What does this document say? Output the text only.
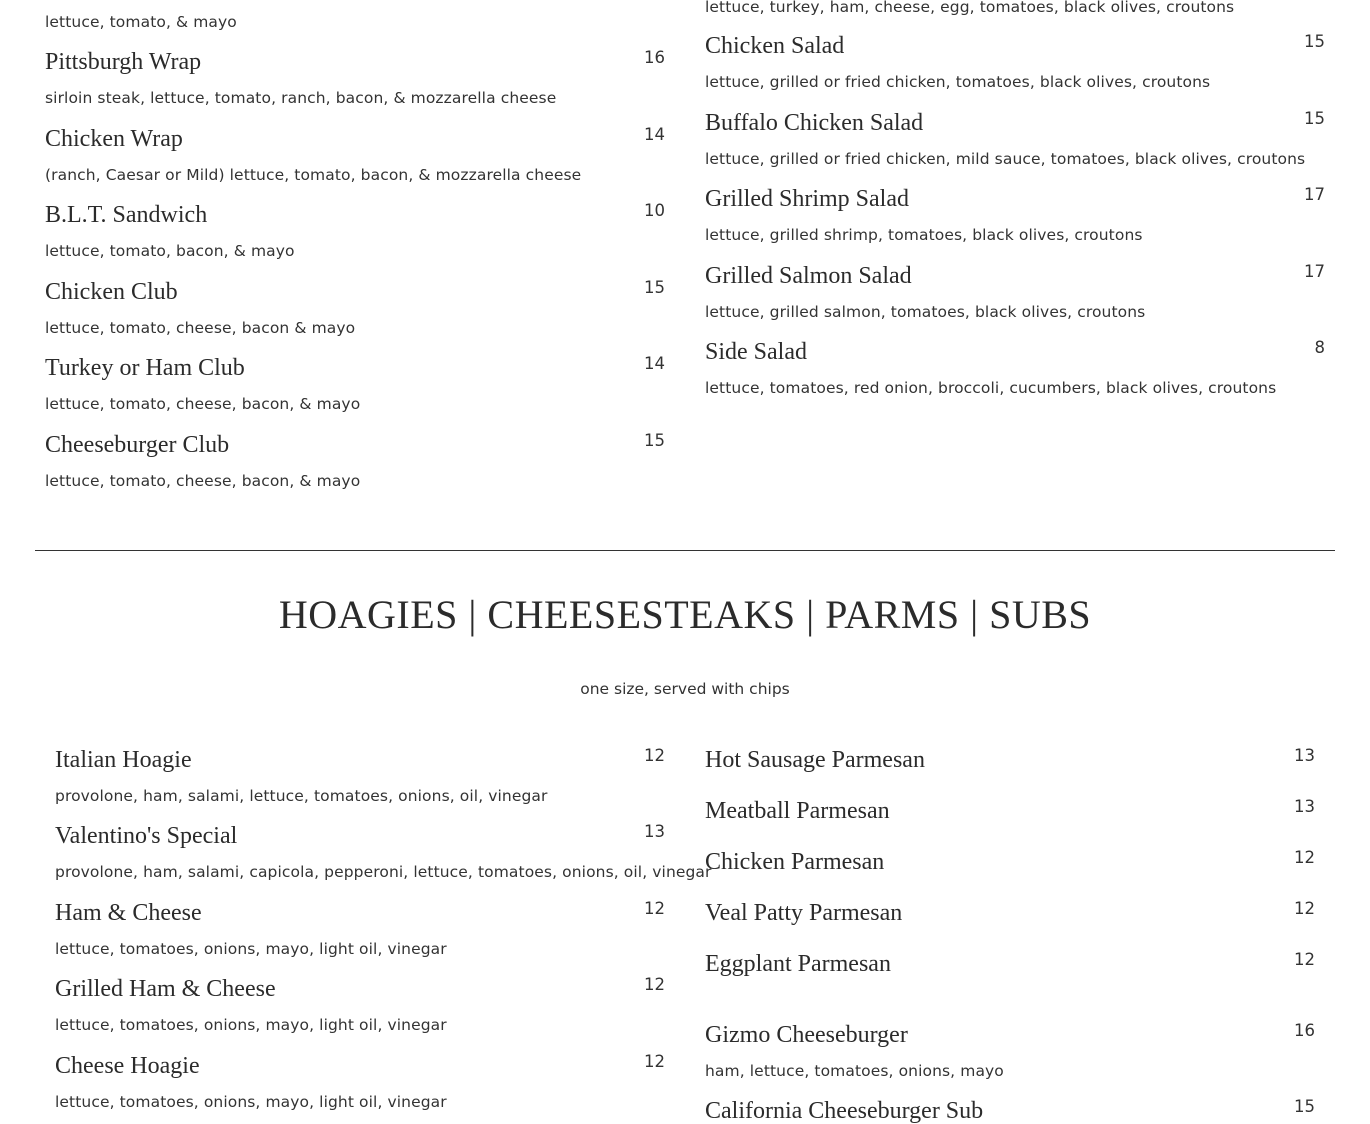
lettuce, tomato, & mayo
Pittsburgh Wrap
sirloin steak, lettuce, tomato, ranch, bacon, & mozzarella cheese
16
Chicken Wrap
(ranch, Caesar or Mild) lettuce, tomato, bacon, & mozzarella cheese
14
B.L.T. Sandwich
lettuce, tomato, bacon, & mayo
10
Chicken Club
lettuce, tomato, cheese, bacon & mayo
15
Turkey or Ham Club
lettuce, tomato, cheese, bacon, & mayo
14
Cheeseburger Club
lettuce, tomato, cheese, bacon, & mayo
15
lettuce, turkey, ham, cheese, egg, tomatoes, black olives, croutons
Chicken Salad
lettuce, grilled or fried chicken, tomatoes, black olives, croutons
15
Buffalo Chicken Salad
lettuce, grilled or fried chicken, mild sauce, tomatoes, black olives, croutons
15
Grilled Shrimp Salad
lettuce, grilled shrimp, tomatoes, black olives, croutons
17
Grilled Salmon Salad
lettuce, grilled salmon, tomatoes, black olives, croutons
17
Side Salad
lettuce, tomatoes, red onion, broccoli, cucumbers, black olives, croutons
8
HOAGIES | CHEESESTEAKS | PARMS | SUBS
one size, served with chips
Italian Hoagie
provolone, ham, salami, lettuce, tomatoes, onions, oil, vinegar
12
Valentino's Special
provolone, ham, salami, capicola, pepperoni, lettuce, tomatoes, onions, oil, vinegar
13
Ham & Cheese
lettuce, tomatoes, onions, mayo, light oil, vinegar
12
Grilled Ham & Cheese
lettuce, tomatoes, onions, mayo, light oil, vinegar
12
Cheese Hoagie
lettuce, tomatoes, onions, mayo, light oil, vinegar
12
Hot Sausage Parmesan	13
Meatball Parmesan	13
Chicken Parmesan	12
Veal Patty Parmesan	12
Eggplant Parmesan	12
Gizmo Cheeseburger
ham, lettuce, tomatoes, onions, mayo
16
California Cheeseburger Sub	15
